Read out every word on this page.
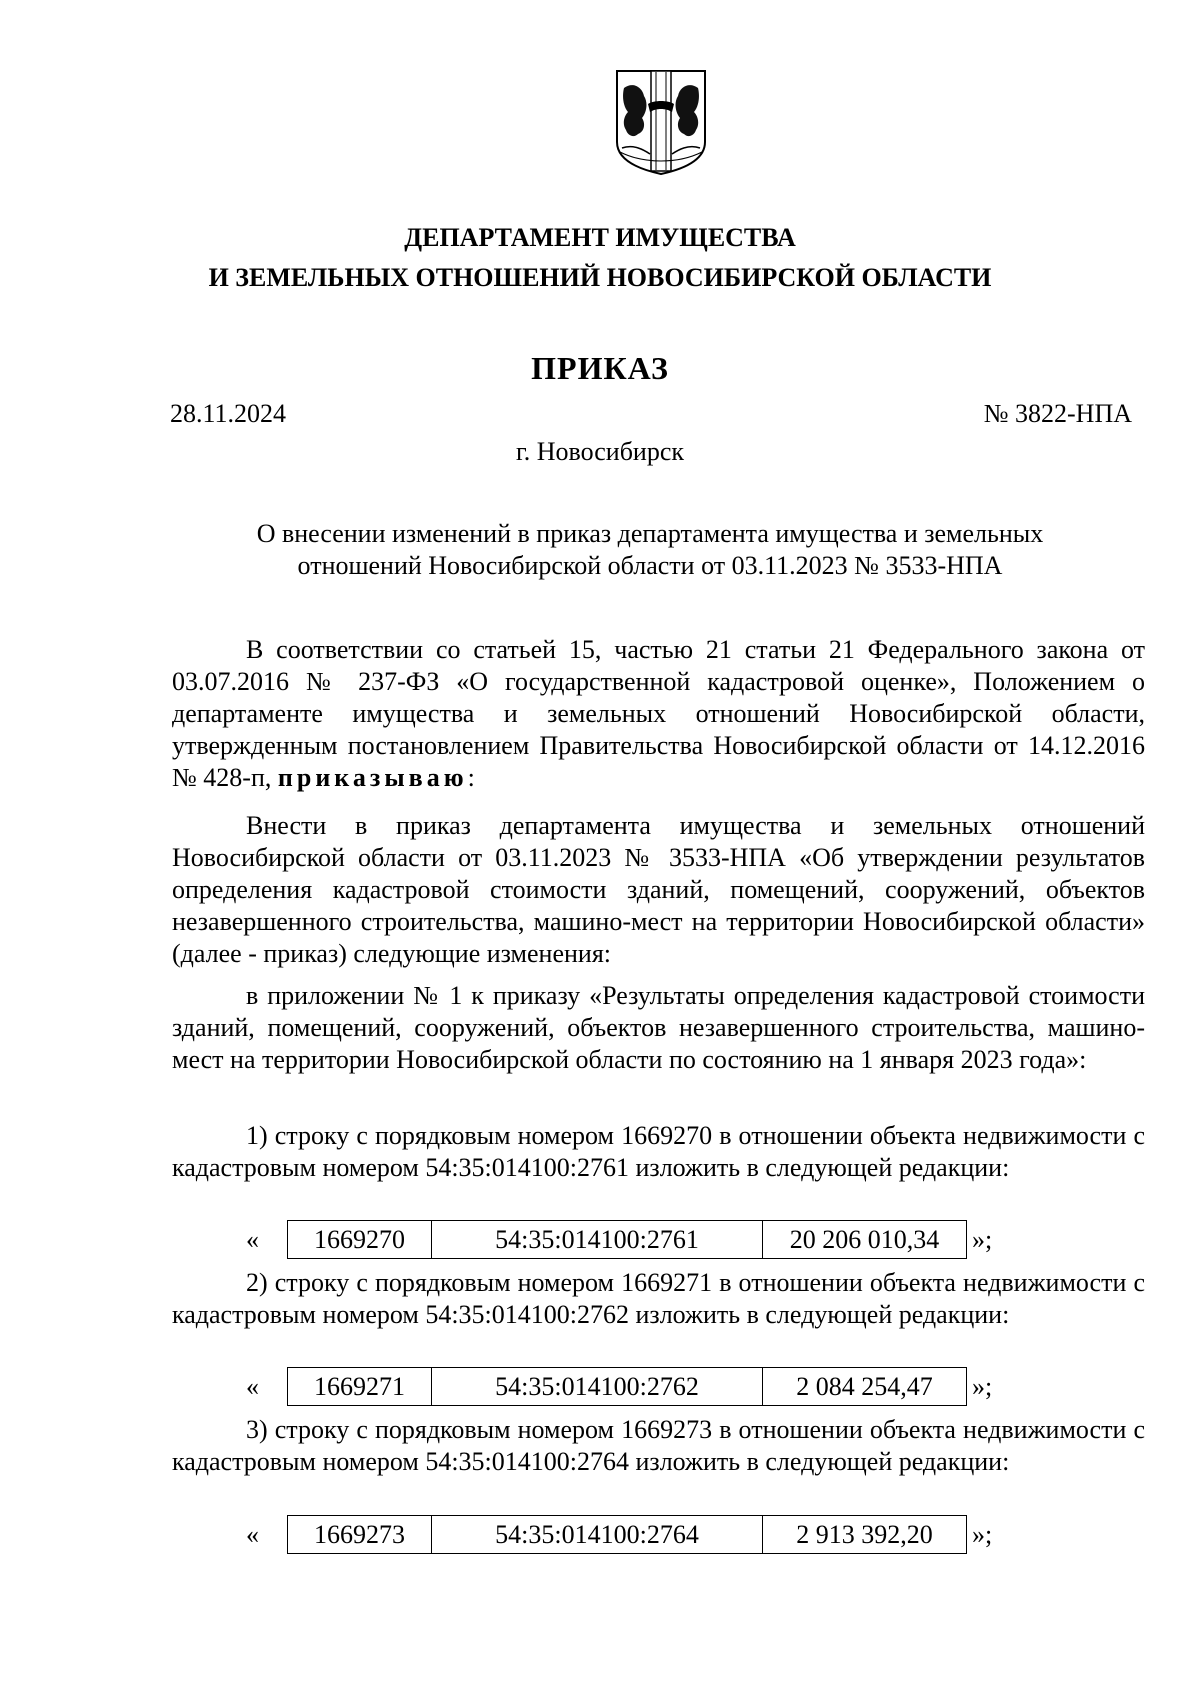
ДЕПАРТАМЕНТ ИМУЩЕСТВА
И ЗЕМЕЛЬНЫХ ОТНОШЕНИЙ НОВОСИБИРСКОЙ ОБЛАСТИ
ПРИКАЗ
28.11.2024	№ 3822-НПА
г. Новосибирск
О внесении изменений в приказ департамента имущества и земельных
отношений Новосибирской области от 03.11.2023 № 3533-НПА

В соответствии со статьей 15, частью 21 статьи 21 Федерального закона от 03.07.2016 № 237-ФЗ «О государственной кадастровой оценке», Положением о департаменте имущества и земельных отношений Новосибирской области, утвержденным постановлением Правительства Новосибирской области от 14.12.2016 № 428-п, приказываю:

Внести в приказ департамента имущества и земельных отношений Новосибирской области от 03.11.2023 № 3533-НПА «Об утверждении результатов определения кадастровой стоимости зданий, помещений, сооружений, объектов незавершенного строительства, машино-мест на территории Новосибирской области» (далее - приказ) следующие изменения:

в приложении № 1 к приказу «Результаты определения кадастровой стоимости зданий, помещений, сооружений, объектов незавершенного строительства, машино-мест на территории Новосибирской области по состоянию на 1 января 2023 года»:

1) строку с порядковым номером 1669270 в отношении объекта недвижимости с кадастровым номером 54:35:014100:2761 изложить в следующей редакции:

« 1669270	54:35:014100:2761	20 206 010,34 »;

2) строку с порядковым номером 1669271 в отношении объекта недвижимости с кадастровым номером 54:35:014100:2762 изложить в следующей редакции:

« 1669271	54:35:014100:2762	2 084 254,47 »;

3) строку с порядковым номером 1669273 в отношении объекта недвижимости с кадастровым номером 54:35:014100:2764 изложить в следующей редакции:

« 1669273	54:35:014100:2764	2 913 392,20 »;
